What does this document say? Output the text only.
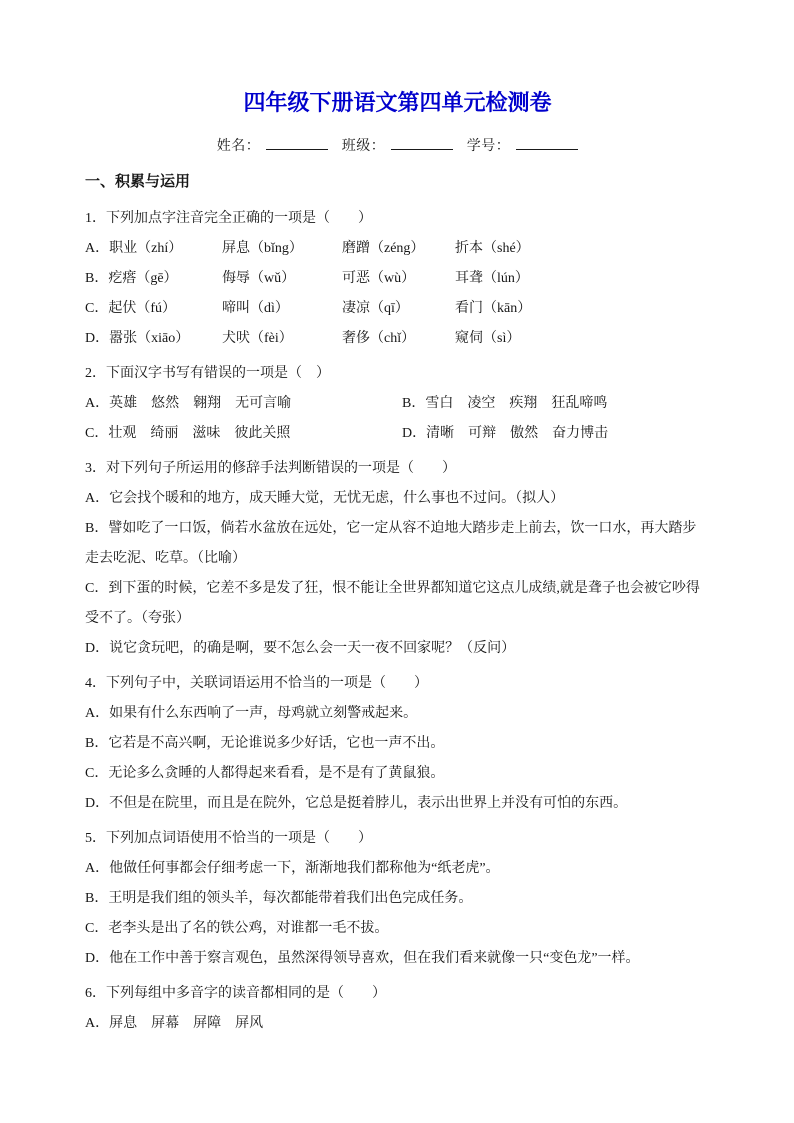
四年级下册语文第四单元检测卷
姓名：	班级：	学号：
一、积累与运用

1．下列加点字注音完全正确的一项是（　　）

A．职业（zhí）	屏息（bǐng）	磨蹭（zéng）	折本（shé）
B．疙瘩（gē）	侮辱（wǔ）	可恶（wù）	耳聋（lún）
C．起伏（fú）	啼叫（dì）	凄凉（qī）	看门（kān）
D．嚣张（xiāo）	犬吠（fèi）	奢侈（chǐ）	窥伺（sì）

2．下面汉字书写有错误的一项是（　）

A．英雄　悠然　翱翔　无可言喻	B．雪白　凌空　疾翔　狂乱啼鸣
C．壮观　绮丽　滋味　彼此关照	D．清晰　可辩　傲然　奋力博击

3．对下列句子所运用的修辞手法判断错误的一项是（　　）

A．它会找个暖和的地方，成天睡大觉，无忧无虑，什么事也不过问。（拟人）

B．譬如吃了一口饭，倘若水盆放在远处，它一定从容不迫地大踏步走上前去，饮一口水，再大踏步走去吃泥、吃草。（比喻）

C．到下蛋的时候，它差不多是发了狂，恨不能让全世界都知道它这点儿成绩,就是聋子也会被它吵得受不了。（夸张）

D．说它贪玩吧，的确是啊，要不怎么会一天一夜不回家呢？（反问）

4．下列句子中，关联词语运用不恰当的一项是（　　）

A．如果有什么东西响了一声，母鸡就立刻警戒起来。

B．它若是不高兴啊，无论谁说多少好话，它也一声不出。

C．无论多么贪睡的人都得起来看看，是不是有了黄鼠狼。

D．不但是在院里，而且是在院外，它总是挺着脖儿，表示出世界上并没有可怕的东西。

5．下列加点词语使用不恰当的一项是（　　）

A．他做任何事都会仔细考虑一下，渐渐地我们都称他为“纸老虎”。

B．王明是我们组的领头羊，每次都能带着我们出色完成任务。

C．老李头是出了名的铁公鸡，对谁都一毛不拔。

D．他在工作中善于察言观色，虽然深得领导喜欢，但在我们看来就像一只“变色龙”一样。

6．下列每组中多音字的读音都相同的是（　　）

A．屏息　屏幕　屏障　屏风
